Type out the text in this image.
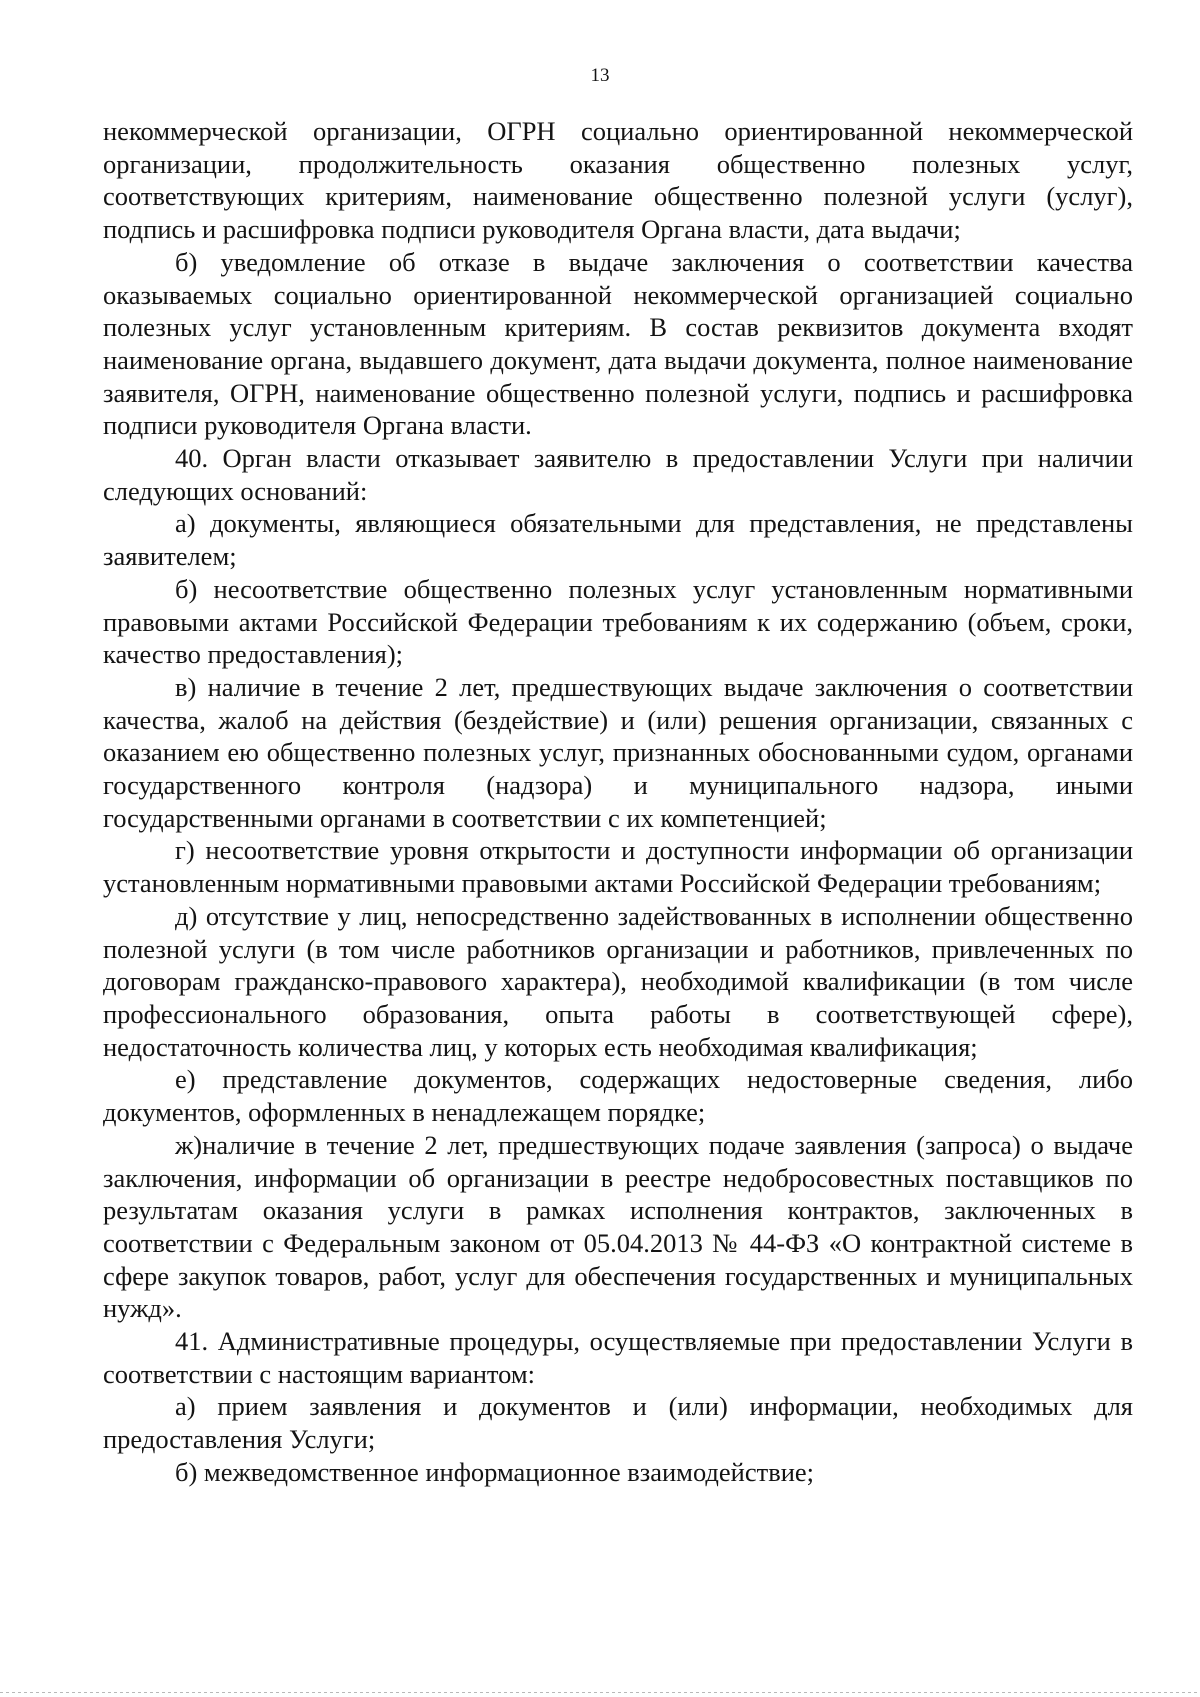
13

некоммерческой организации, ОГРН социально ориентированной некоммерческой организации, продолжительность оказания общественно полезных услуг, соответствующих критериям, наименование общественно полезной услуги (услуг), подпись и расшифровка подписи руководителя Органа власти, дата выдачи;

б) уведомление об отказе в выдаче заключения о соответствии качества оказываемых социально ориентированной некоммерческой организацией социально полезных услуг установленным критериям. В состав реквизитов документа входят наименование органа, выдавшего документ, дата выдачи документа, полное наименование заявителя, ОГРН, наименование общественно полезной услуги, подпись и расшифровка подписи руководителя Органа власти.

40. Орган власти отказывает заявителю в предоставлении Услуги при наличии следующих оснований:

а) документы, являющиеся обязательными для представления, не представлены заявителем;

б) несоответствие общественно полезных услуг установленным нормативными правовыми актами Российской Федерации требованиям к их содержанию (объем, сроки, качество предоставления);

в) наличие в течение 2 лет, предшествующих выдаче заключения о соответствии качества, жалоб на действия (бездействие) и (или) решения организации, связанных с оказанием ею общественно полезных услуг, признанных обоснованными судом, органами государственного контроля (надзора) и муниципального надзора, иными государственными органами в соответствии с их компетенцией;

г) несоответствие уровня открытости и доступности информации об организации установленным нормативными правовыми актами Российской Федерации требованиям;

д) отсутствие у лиц, непосредственно задействованных в исполнении общественно полезной услуги (в том числе работников организации и работников, привлеченных по договорам гражданско-правового характера), необходимой квалификации (в том числе профессионального образования, опыта работы в соответствующей сфере), недостаточность количества лиц, у которых есть необходимая квалификация;

е) представление документов, содержащих недостоверные сведения, либо документов, оформленных в ненадлежащем порядке;

ж)наличие в течение 2 лет, предшествующих подаче заявления (запроса) о выдаче заключения, информации об организации в реестре недобросовестных поставщиков по результатам оказания услуги в рамках исполнения контрактов, заключенных в соответствии с Федеральным законом от 05.04.2013 № 44-ФЗ «О контрактной системе в сфере закупок товаров, работ, услуг для обеспечения государственных и муниципальных нужд».

41. Административные процедуры, осуществляемые при предоставлении Услуги в соответствии с настоящим вариантом:

а) прием заявления и документов и (или) информации, необходимых для предоставления Услуги;

б) межведомственное информационное взаимодействие;
